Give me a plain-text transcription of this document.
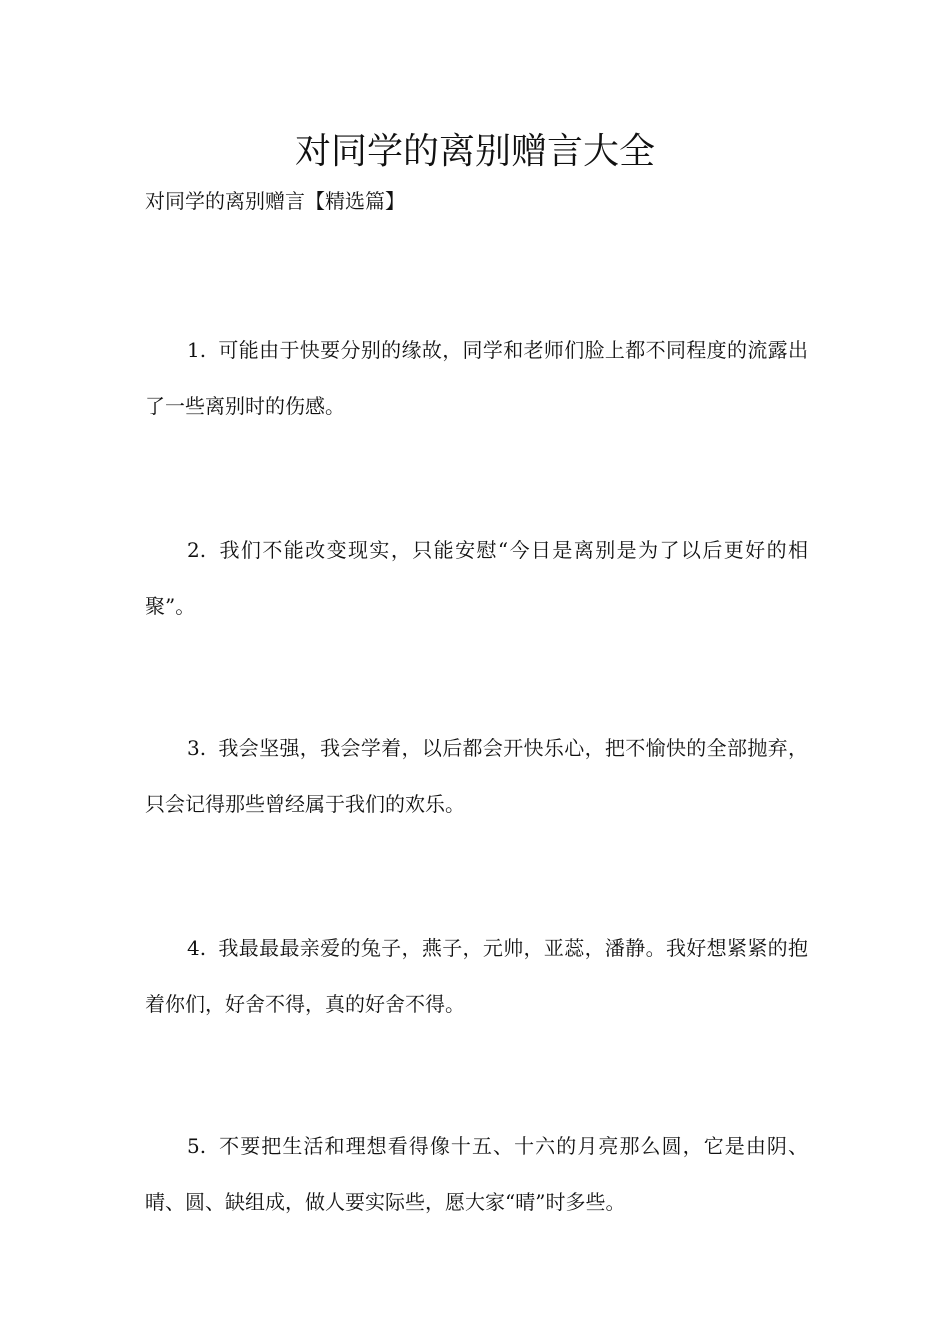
对同学的离别赠言大全

对同学的离别赠言【精选篇】

1. 可能由于快要分别的缘故，同学和老师们脸上都不同程度的流露出了一些离别时的伤感。

2. 我们不能改变现实，只能安慰“今日是离别是为了以后更好的相聚”。

3. 我会坚强，我会学着，以后都会开快乐心，把不愉快的全部抛弃，只会记得那些曾经属于我们的欢乐。

4. 我最最最亲爱的兔子，燕子，元帅，亚蕊，潘静。我好想紧紧的抱着你们，好舍不得，真的好舍不得。

5. 不要把生活和理想看得像十五、十六的月亮那么圆，它是由阴、晴、圆、缺组成，做人要实际些，愿大家“晴”时多些。
